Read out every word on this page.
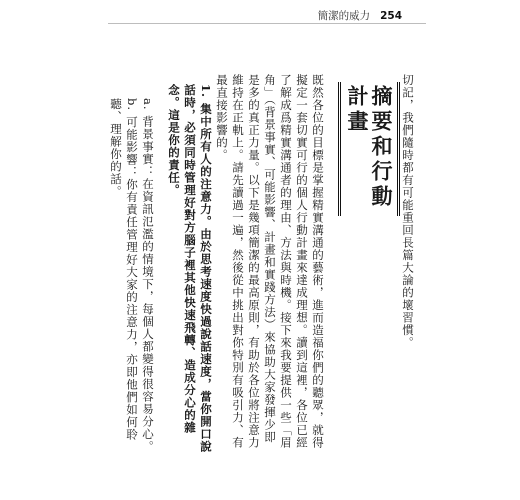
簡潔的威力 254

切記，我們隨時都有可能重回長篇大論的壞習慣。

摘要和行動計畫

既然各位的目標是掌握精實溝通的藝術，進而造福你們的聽眾，就得擬定一套切實可行的個人行動計畫來達成理想。讀到這裡，各位已經了解成爲精實溝通者的理由、方法與時機。接下來我要提供一些「眉角」（背景事實、可能影響、計畫和實踐方法）來協助大家發揮少即是多的真正力量。以下是幾項簡潔的最高原則，有助於各位將注意力維持在正軌上。請先讀過一遍，然後從中挑出對你特別有吸引力、有最直接影響的。

1. 集中所有人的注意力。由於思考速度快過說話速度，當你開口說話時，必須同時管理好對方腦子裡其他快速飛轉、造成分心的雜念。這是你的責任。

a. 背景事實：在資訊氾濫的情境下，每個人都變得很容易分心。

b. 可能影響：你有責任管理好大家的注意力，亦即他們如何聆聽、理解你的話。
